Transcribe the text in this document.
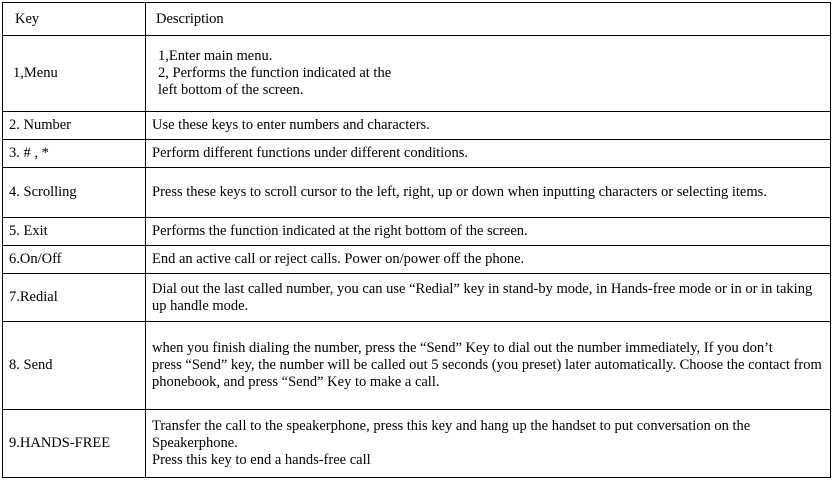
Key	Description
1,Menu	1,Enter main menu.
2, Performs the function indicated at the
left bottom of the screen.

2. Number	Use these keys to enter numbers and characters.

3. # , *	Perform different functions under different conditions.

4. Scrolling	Press these keys to scroll cursor to the left, right, up or down when inputting characters or selecting items.

5. Exit	Performs the function indicated at the right bottom of the screen.

6.On/Off	End an active call or reject calls. Power on/power off the phone.

7.Redial	Dial out the last called number, you can use “Redial” key in stand-by mode, in Hands-free mode or in or in taking up handle mode.

8. Send	when you finish dialing the number, press the “Send” Key to dial out the number immediately, If you don’t
press “Send” key, the number will be called out 5 seconds (you preset) later automatically. Choose the contact from phonebook, and press “Send” Key to make a call.

9.HANDS-FREE	Transfer the call to the speakerphone, press this key and hang up the handset to put conversation on the Speakerphone.
Press this key to end a hands-free call
